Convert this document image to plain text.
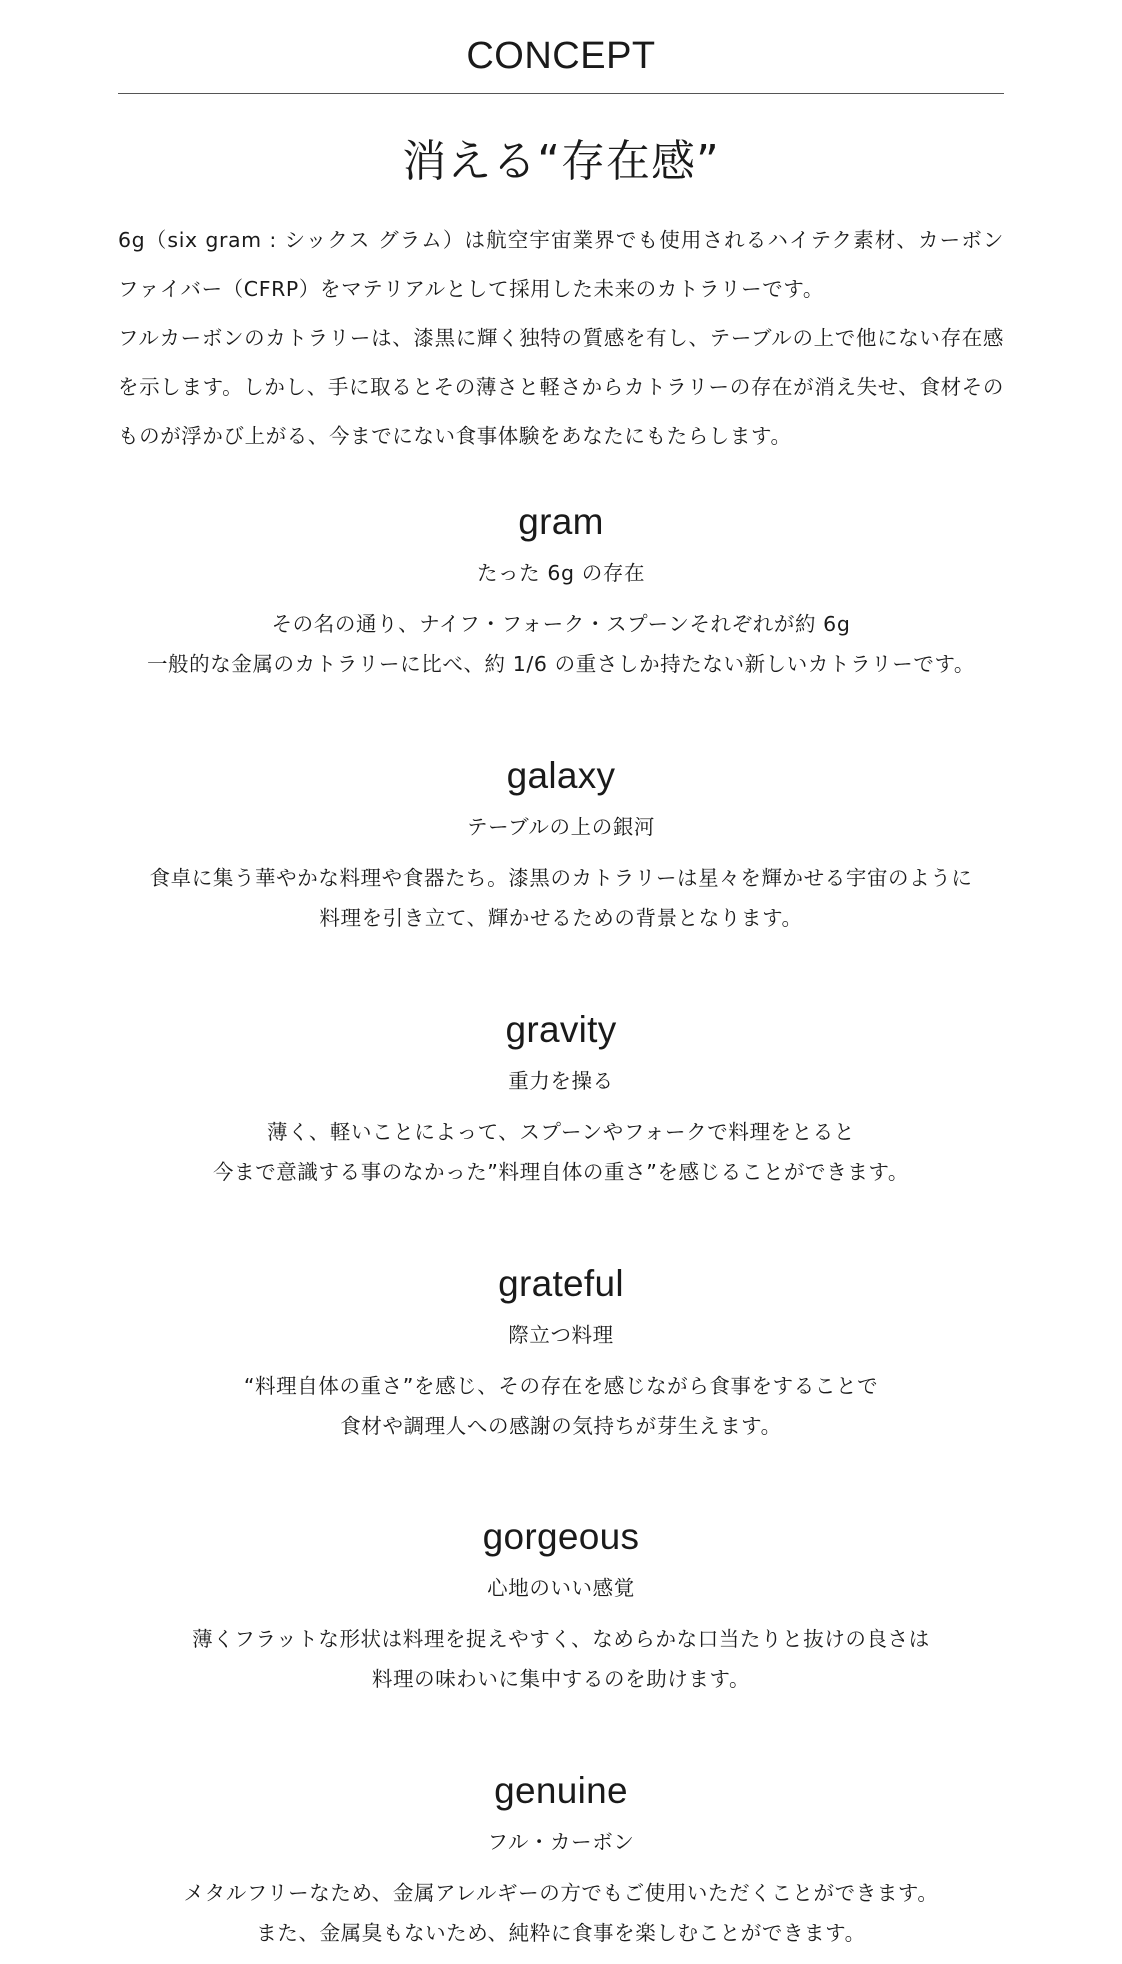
CONCEPT
消える“存在感”

6g（six gram : シックス グラム）は航空宇宙業界でも使用されるハイテク素材、カーボンファイバー（CFRP）をマテリアルとして採用した未来のカトラリーです。

フルカーボンのカトラリーは、漆黒に輝く独特の質感を有し、テーブルの上で他にない存在感を示します。しかし、手に取るとその薄さと軽さからカトラリーの存在が消え失せ、食材そのものが浮かび上がる、今までにない食事体験をあなたにもたらします。

gram

たった 6g の存在

その名の通り、ナイフ・フォーク・スプーンそれぞれが約 6g
一般的な金属のカトラリーに比べ、約 1/6 の重さしか持たない新しいカトラリーです。

galaxy

テーブルの上の銀河

食卓に集う華やかな料理や食器たち。漆黒のカトラリーは星々を輝かせる宇宙のように
料理を引き立て、輝かせるための背景となります。

gravity

重力を操る

薄く、軽いことによって、スプーンやフォークで料理をとると
今まで意識する事のなかった”料理自体の重さ”を感じることができます。

grateful

際立つ料理

“料理自体の重さ”を感じ、その存在を感じながら食事をすることで
食材や調理人への感謝の気持ちが芽生えます。

gorgeous

心地のいい感覚

薄くフラットな形状は料理を捉えやすく、なめらかな口当たりと抜けの良さは
料理の味わいに集中するのを助けます。

genuine

フル・カーボン

メタルフリーなため、金属アレルギーの方でもご使用いただくことができます。
また、金属臭もないため、純粋に食事を楽しむことができます。
